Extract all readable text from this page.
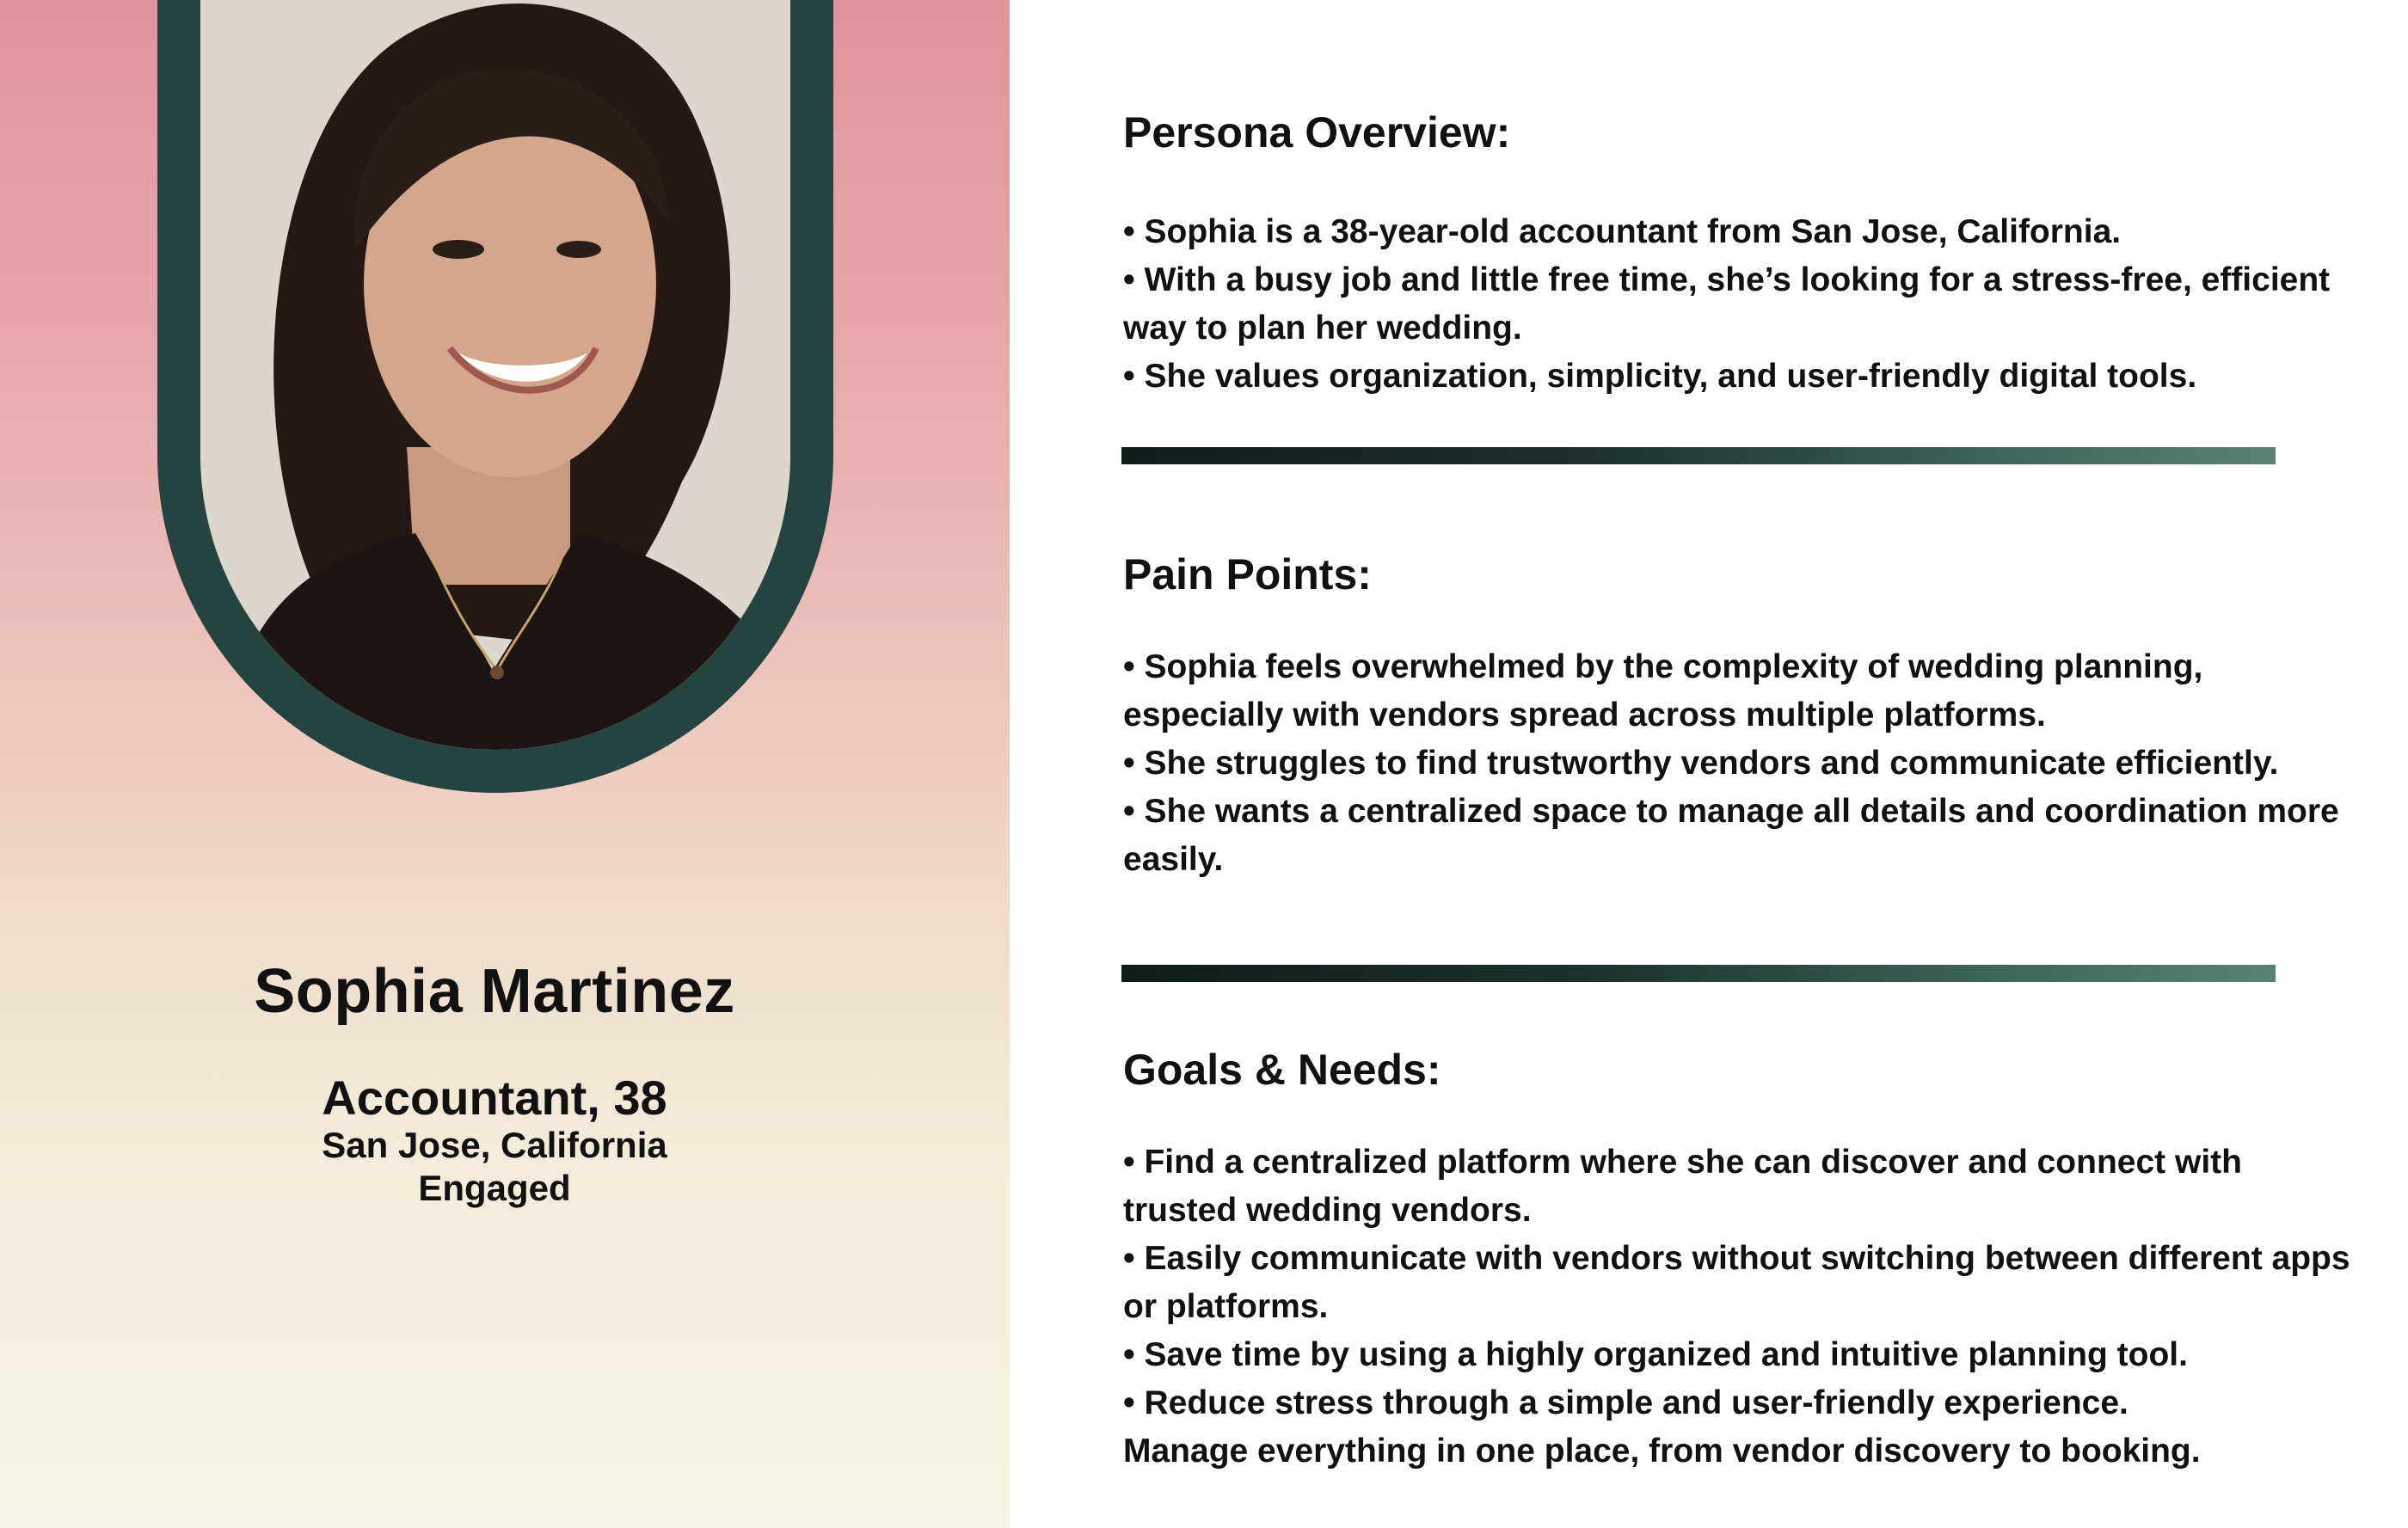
Sophia Martinez
Accountant, 38
San Jose, California
Engaged
Persona Overview:
• Sophia is a 38-year-old accountant from San Jose, California.
• With a busy job and little free time, she’s looking for a stress-free, efficient way to plan her wedding.
• She values organization, simplicity, and user-friendly digital tools.
Pain Points:
• Sophia feels overwhelmed by the complexity of wedding planning, especially with vendors spread across multiple platforms.
• She struggles to find trustworthy vendors and communicate efficiently.
• She wants a centralized space to manage all details and coordination more easily.
Goals & Needs:
• Find a centralized platform where she can discover and connect with trusted wedding vendors.
• Easily communicate with vendors without switching between different apps or platforms.
• Save time by using a highly organized and intuitive planning tool.
• Reduce stress through a simple and user-friendly experience.
Manage everything in one place, from vendor discovery to booking.
